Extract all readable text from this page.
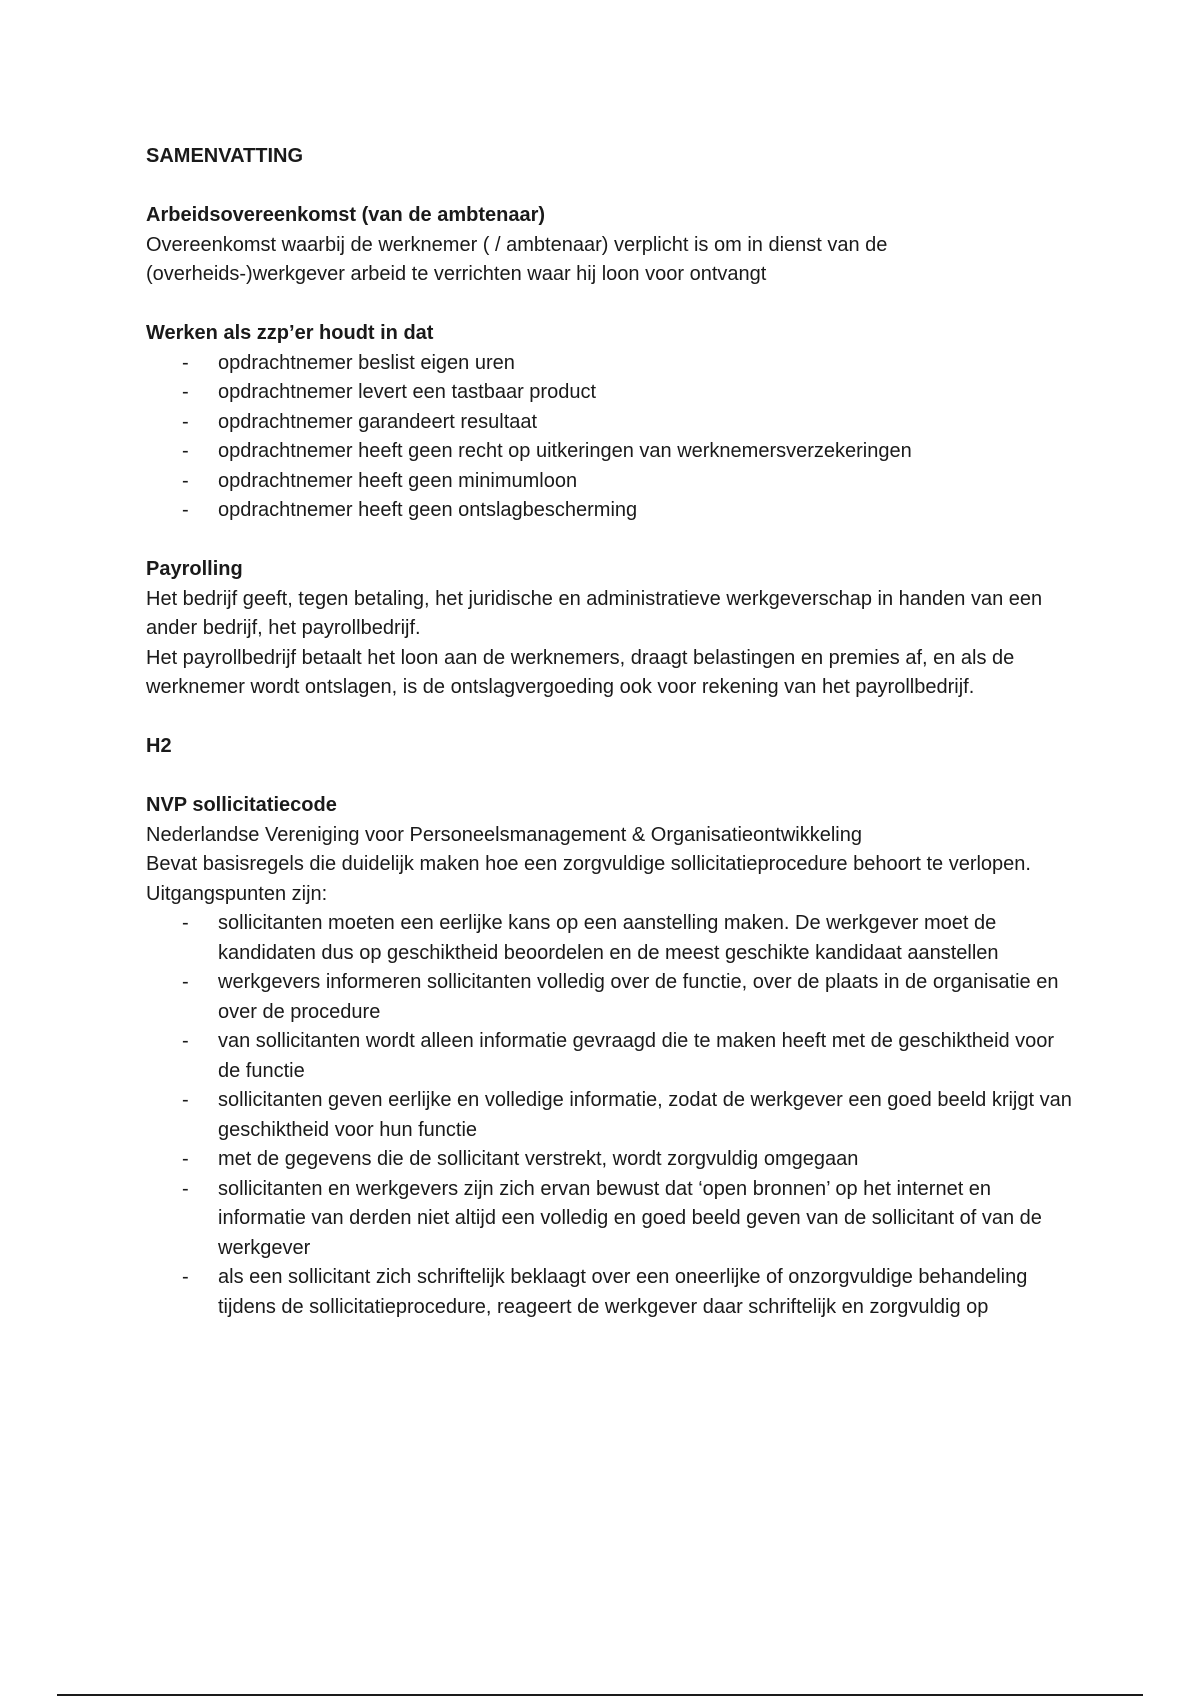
SAMENVATTING

Arbeidsovereenkomst (van de ambtenaar)

Overeenkomst waarbij de werknemer ( / ambtenaar) verplicht is om in dienst van de (overheids-)werkgever arbeid te verrichten waar hij loon voor ontvangt

Werken als zzp’er houdt in dat

- opdrachtnemer beslist eigen uren
- opdrachtnemer levert een tastbaar product
- opdrachtnemer garandeert resultaat
- opdrachtnemer heeft geen recht op uitkeringen van werknemersverzekeringen
- opdrachtnemer heeft geen minimumloon
- opdrachtnemer heeft geen ontslagbescherming

Payrolling

Het bedrijf geeft, tegen betaling, het juridische en administratieve werkgeverschap in handen van een ander bedrijf, het payrollbedrijf.

Het payrollbedrijf betaalt het loon aan de werknemers, draagt belastingen en premies af, en als de werknemer wordt ontslagen, is de ontslagvergoeding ook voor rekening van het payrollbedrijf.

H2

NVP sollicitatiecode

Nederlandse Vereniging voor Personeelsmanagement & Organisatieontwikkeling

Bevat basisregels die duidelijk maken hoe een zorgvuldige sollicitatieprocedure behoort te verlopen.

Uitgangspunten zijn:

- sollicitanten moeten een eerlijke kans op een aanstelling maken. De werkgever moet de kandidaten dus op geschiktheid beoordelen en de meest geschikte kandidaat aanstellen
- werkgevers informeren sollicitanten volledig over de functie, over de plaats in de organisatie en over de procedure
- van sollicitanten wordt alleen informatie gevraagd die te maken heeft met de geschiktheid voor de functie
- sollicitanten geven eerlijke en volledige informatie, zodat de werkgever een goed beeld krijgt van geschiktheid voor hun functie
- met de gegevens die de sollicitant verstrekt, wordt zorgvuldig omgegaan
- sollicitanten en werkgevers zijn zich ervan bewust dat ‘open bronnen’ op het internet en informatie van derden niet altijd een volledig en goed beeld geven van de sollicitant of van de werkgever
- als een sollicitant zich schriftelijk beklaagt over een oneerlijke of onzorgvuldige behandeling tijdens de sollicitatieprocedure, reageert de werkgever daar schriftelijk en zorgvuldig op
